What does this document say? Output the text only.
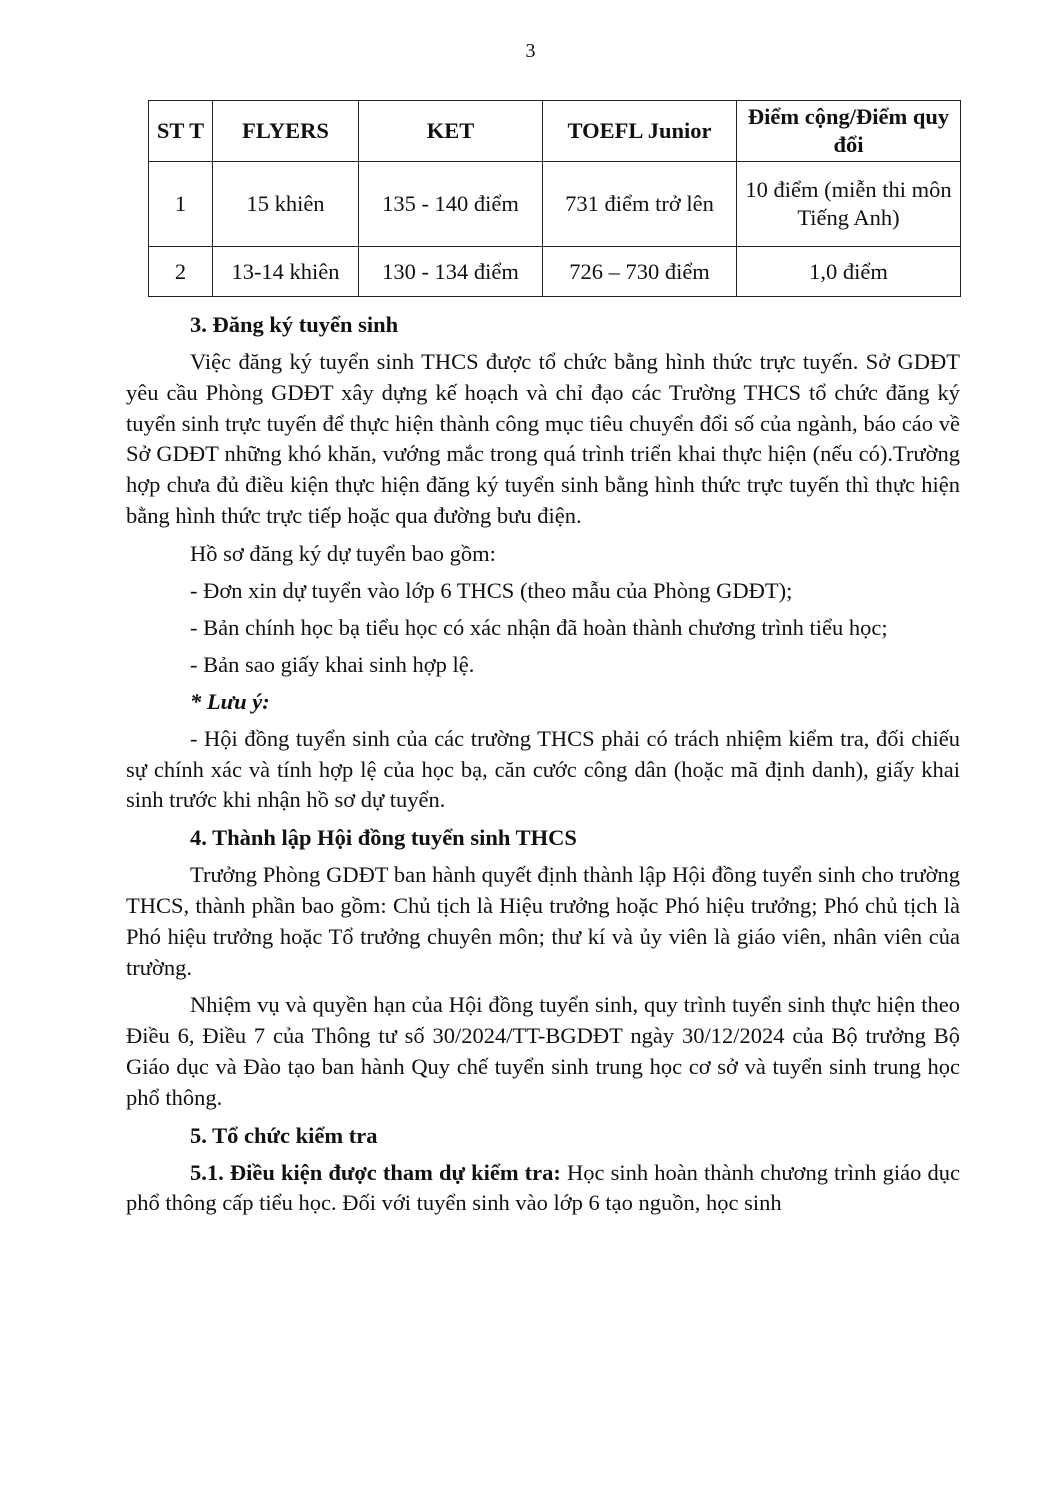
3
ST T	FLYERS	KET	TOEFL Junior	Điểm cộng/Điểm quy đổi
1	15 khiên	135 - 140 điểm	731 điểm trở lên	10 điểm (miễn thi môn Tiếng Anh)
2	13-14 khiên	130 - 134 điểm	726 – 730 điểm	1,0 điểm

3. Đăng ký tuyển sinh

Việc đăng ký tuyển sinh THCS được tổ chức bằng hình thức trực tuyến. Sở GDĐT yêu cầu Phòng GDĐT xây dựng kế hoạch và chỉ đạo các Trường THCS tổ chức đăng ký tuyển sinh trực tuyến để thực hiện thành công mục tiêu chuyển đổi số của ngành, báo cáo về Sở GDĐT những khó khăn, vướng mắc trong quá trình triển khai thực hiện (nếu có).Trường hợp chưa đủ điều kiện thực hiện đăng ký tuyển sinh bằng hình thức trực tuyến thì thực hiện bằng hình thức trực tiếp hoặc qua đường bưu điện.

Hồ sơ đăng ký dự tuyển bao gồm:

- Đơn xin dự tuyển vào lớp 6 THCS (theo mẫu của Phòng GDĐT);

- Bản chính học bạ tiểu học có xác nhận đã hoàn thành chương trình tiểu học;

- Bản sao giấy khai sinh hợp lệ.

* Lưu ý:

- Hội đồng tuyển sinh của các trường THCS phải có trách nhiệm kiểm tra, đối chiếu sự chính xác và tính hợp lệ của học bạ, căn cước công dân (hoặc mã định danh), giấy khai sinh trước khi nhận hồ sơ dự tuyển.

4. Thành lập Hội đồng tuyển sinh THCS

Trưởng Phòng GDĐT ban hành quyết định thành lập Hội đồng tuyển sinh cho trường THCS, thành phần bao gồm: Chủ tịch là Hiệu trưởng hoặc Phó hiệu trưởng; Phó chủ tịch là Phó hiệu trưởng hoặc Tổ trưởng chuyên môn; thư kí và ủy viên là giáo viên, nhân viên của trường.

Nhiệm vụ và quyền hạn của Hội đồng tuyển sinh, quy trình tuyển sinh thực hiện theo Điều 6, Điều 7 của Thông tư số 30/2024/TT-BGDĐT ngày 30/12/2024 của Bộ trưởng Bộ Giáo dục và Đào tạo ban hành Quy chế tuyển sinh trung học cơ sở và tuyển sinh trung học phổ thông.

5. Tổ chức kiểm tra

5.1. Điều kiện được tham dự kiểm tra: Học sinh hoàn thành chương trình giáo dục phổ thông cấp tiểu học. Đối với tuyển sinh vào lớp 6 tạo nguồn, học sinh
